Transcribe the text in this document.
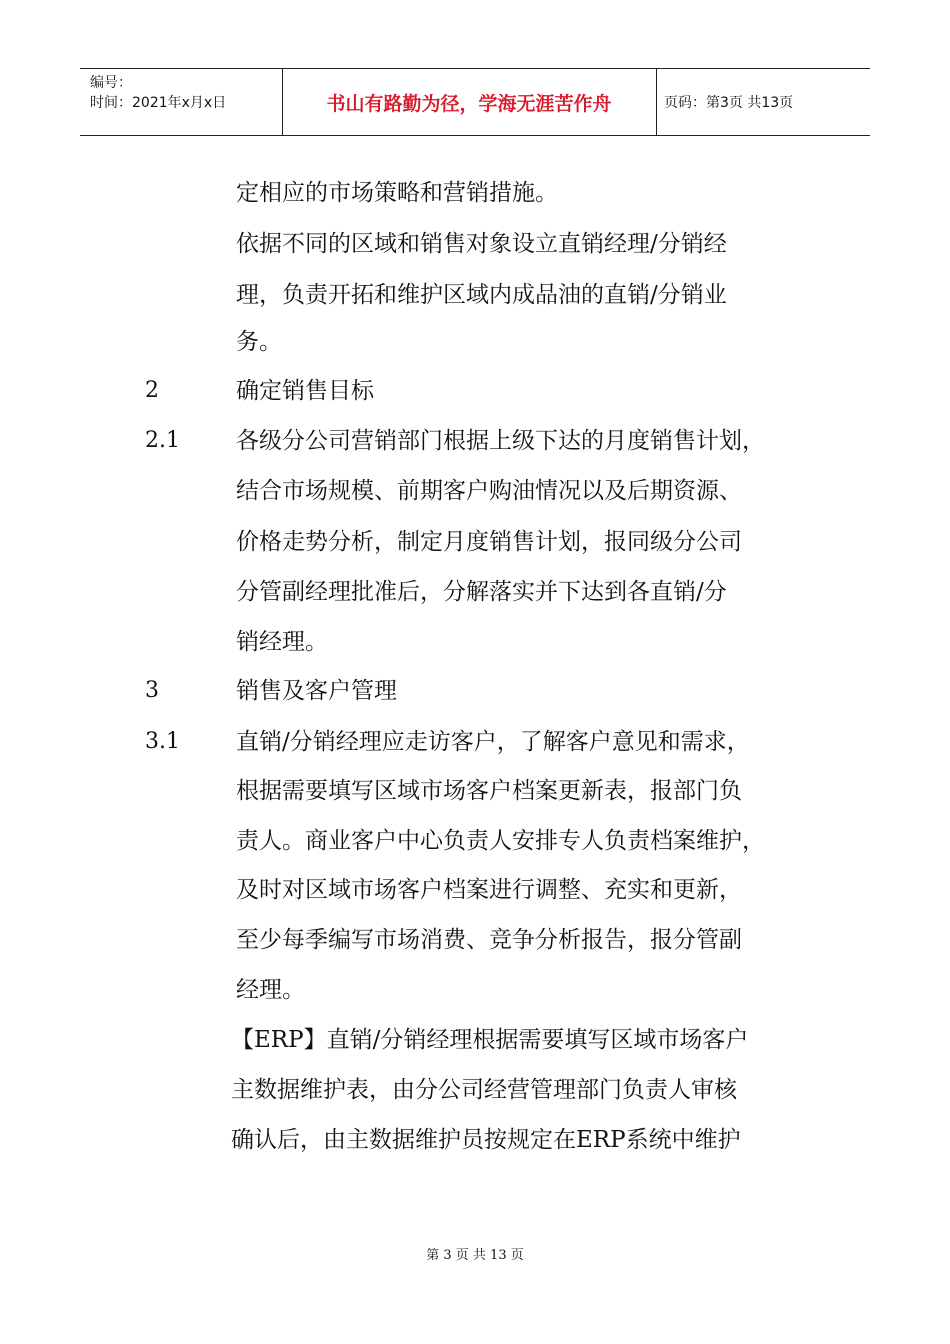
编号：
时间：2021年x月x日	书山有路勤为径，学海无涯苦作舟	页码：第3页 共13页
定相应的市场策略和营销措施。
依据不同的区域和销售对象设立直销经理/分销经
理，负责开拓和维护区域内成品油的直销/分销业
务。
2	确定销售目标
2.1 各级分公司营销部门根据上级下达的月度销售计划，
结合市场规模、前期客户购油情况以及后期资源、
价格走势分析，制定月度销售计划，报同级分公司
分管副经理批准后，分解落实并下达到各直销/分
销经理。
3	销售及客户管理
3.1 直销/分销经理应走访客户，了解客户意见和需求，
根据需要填写区域市场客户档案更新表，报部门负
责人。商业客户中心负责人安排专人负责档案维护，
及时对区域市场客户档案进行调整、充实和更新，
至少每季编写市场消费、竞争分析报告，报分管副
经理。
【ERP】直销/分销经理根据需要填写区域市场客户
主数据维护表，由分公司经营管理部门负责人审核
确认后，由主数据维护员按规定在ERP系统中维护
第 3 页 共 13 页
